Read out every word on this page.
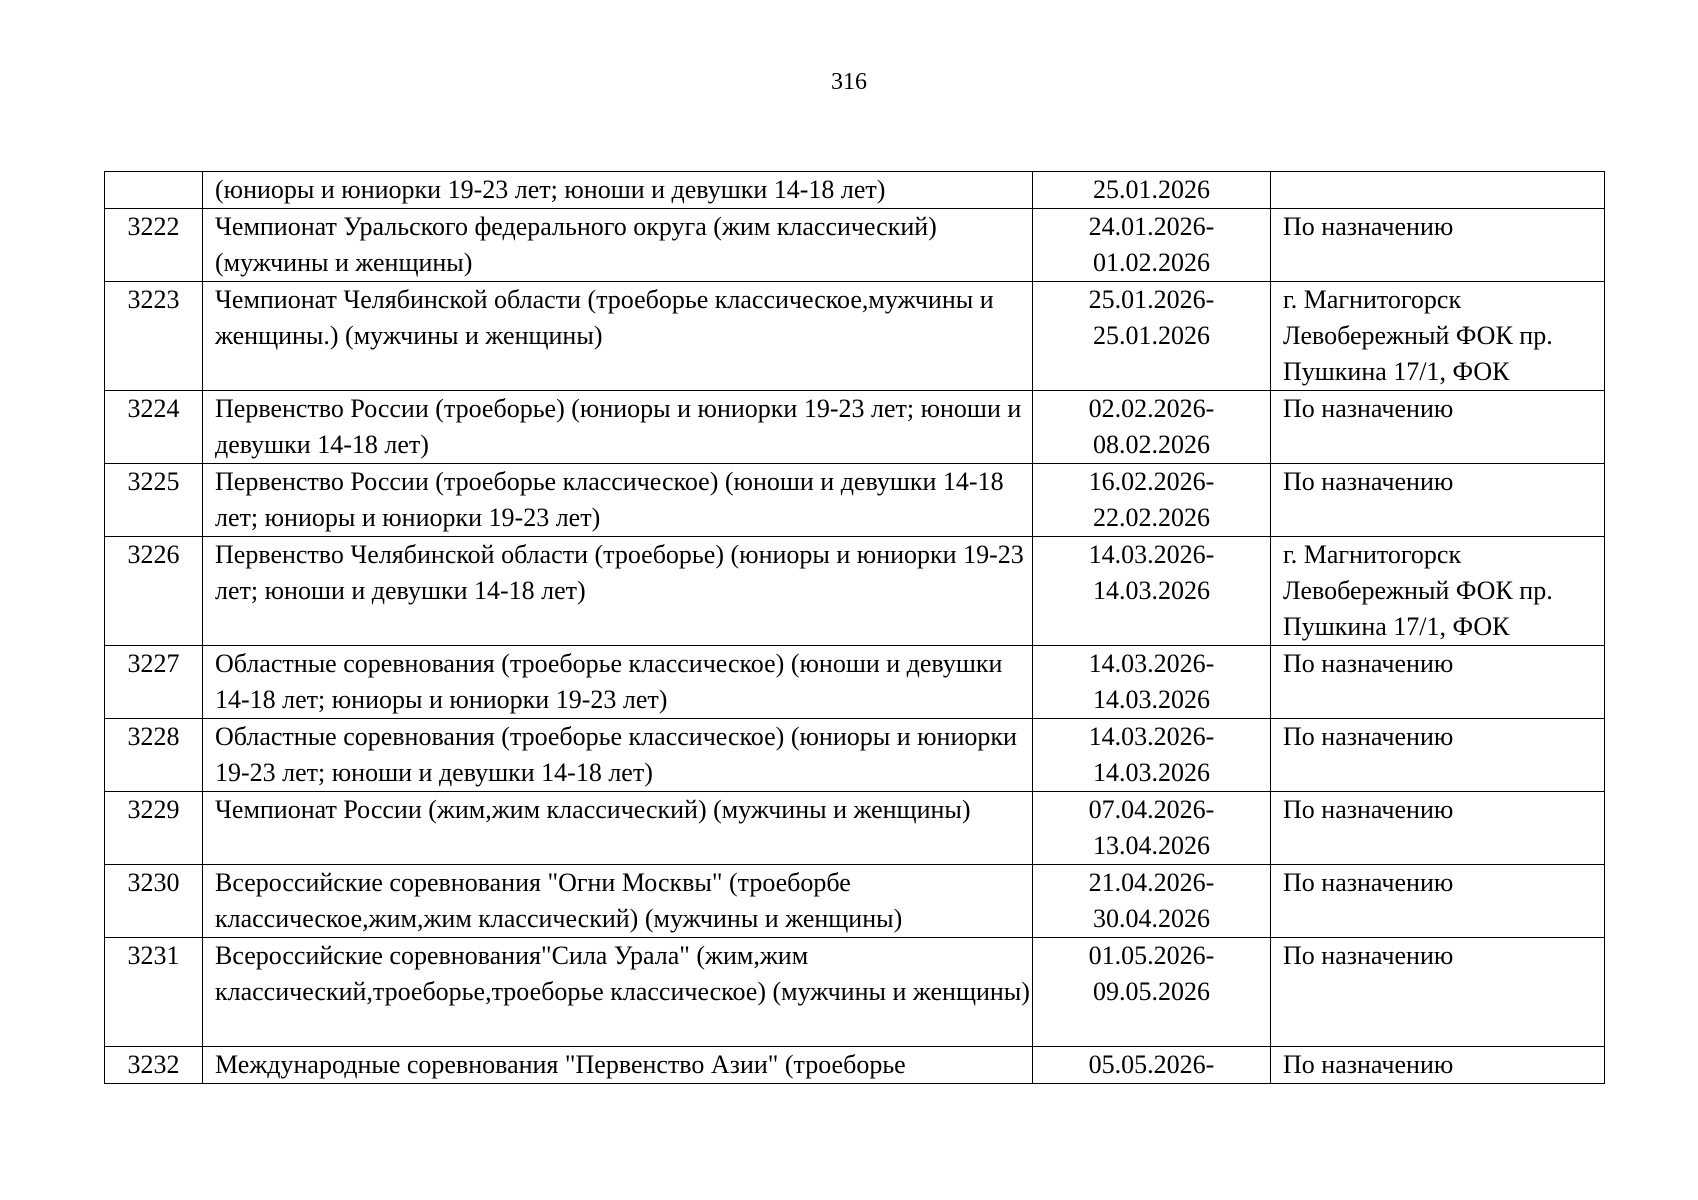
316
	(юниоры и юниорки 19-23 лет; юноши и девушки 14-18 лет)	25.01.2026	
3222	Чемпионат Уральского федерального округа (жим классический) (мужчины и женщины)	24.01.2026- 01.02.2026	По назначению
3223	Чемпионат Челябинской области (троеборье классическое,мужчины и женщины.) (мужчины и женщины)	25.01.2026- 25.01.2026	г. Магнитогорск Левобережный ФОК пр. Пушкина 17/1, ФОК
3224	Первенство России (троеборье) (юниоры и юниорки 19-23 лет; юноши и девушки 14-18 лет)	02.02.2026- 08.02.2026	По назначению
3225	Первенство России (троеборье классическое) (юноши и девушки 14-18 лет; юниоры и юниорки 19-23 лет)	16.02.2026- 22.02.2026	По назначению
3226	Первенство Челябинской области (троеборье) (юниоры и юниорки 19-23 лет; юноши и девушки 14-18 лет)	14.03.2026- 14.03.2026	г. Магнитогорск Левобережный ФОК пр. Пушкина 17/1, ФОК
3227	Областные соревнования (троеборье классическое) (юноши и девушки 14-18 лет; юниоры и юниорки 19-23 лет)	14.03.2026- 14.03.2026	По назначению
3228	Областные соревнования (троеборье классическое) (юниоры и юниорки 19-23 лет; юноши и девушки 14-18 лет)	14.03.2026- 14.03.2026	По назначению
3229	Чемпионат России (жим,жим классический) (мужчины и женщины)	07.04.2026- 13.04.2026	По назначению
3230	Всероссийские соревнования "Огни Москвы" (троеборбе классическое,жим,жим классический) (мужчины и женщины)	21.04.2026- 30.04.2026	По назначению
3231	Всероссийские соревнования"Сила Урала" (жим,жим классический,троеборье,троеборье классическое) (мужчины и женщины)	01.05.2026- 09.05.2026	По назначению
3232	Международные соревнования "Первенство Азии" (троеборье	05.05.2026-	По назначению
